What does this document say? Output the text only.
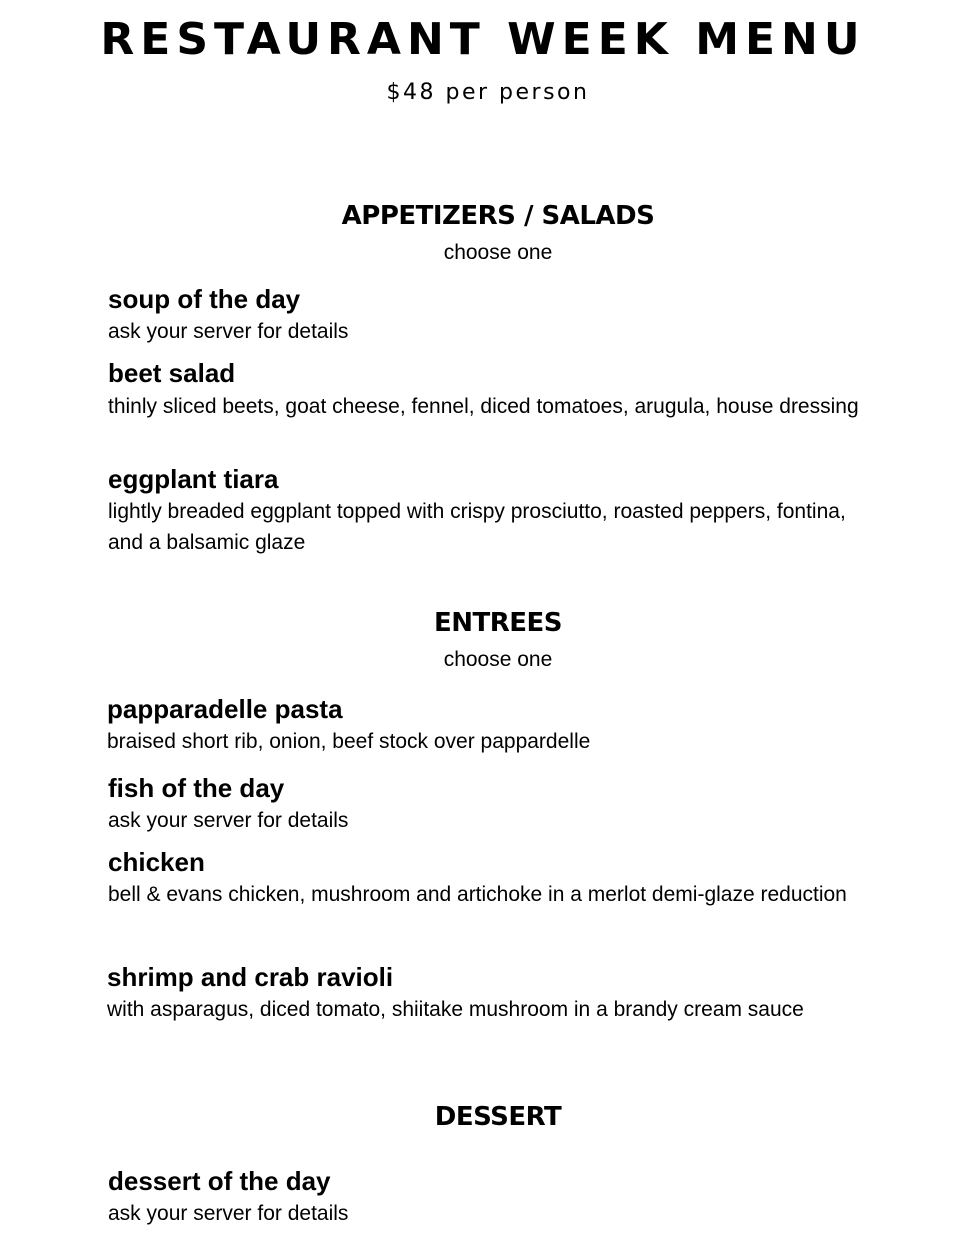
RESTAURANT WEEK MENU
$48 per person
APPETIZERS / SALADS
choose one
soup of the day
ask your server for details
beet salad
thinly sliced beets, goat cheese, fennel, diced tomatoes, arugula, house dressing
eggplant tiara
lightly breaded eggplant topped with crispy prosciutto, roasted peppers, fontina, and a balsamic glaze
ENTREES
choose one
papparadelle pasta
braised short rib, onion, beef stock over pappardelle
fish of the day
ask your server for details
chicken
bell & evans chicken, mushroom and artichoke in a merlot demi-glaze reduction
shrimp and crab ravioli
with asparagus, diced tomato, shiitake mushroom in a brandy cream sauce
DESSERT
dessert of the day
ask your server for details
